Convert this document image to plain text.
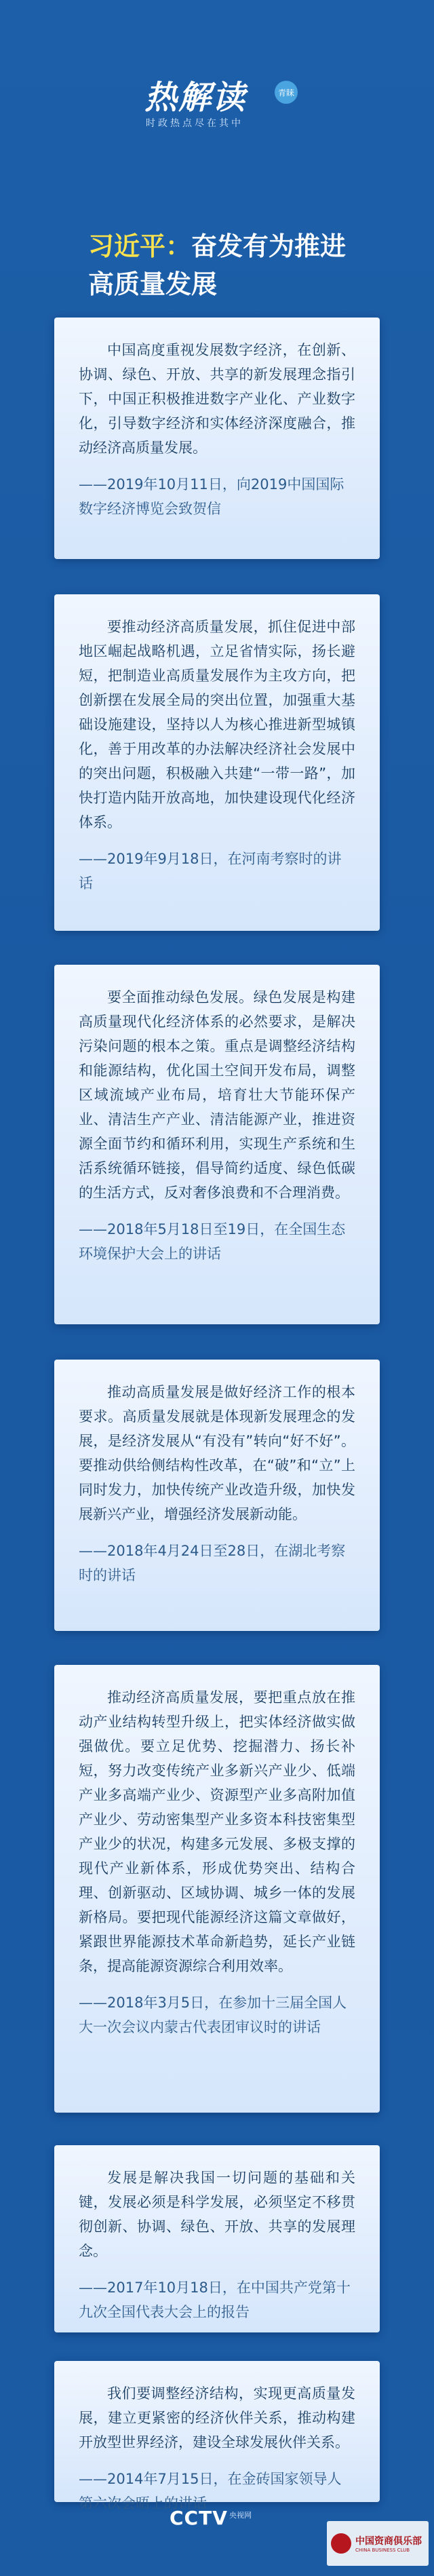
热解读	青睐
时政热点尽在其中
习近平：奋发有为推进
高质量发展

中国高度重视发展数字经济，在创新、协调、绿色、开放、共享的新发展理念指引下，中国正积极推进数字产业化、产业数字化，引导数字经济和实体经济深度融合，推动经济高质量发展。

——2019年10月11日，向2019中国国际数字经济博览会致贺信

要推动经济高质量发展，抓住促进中部地区崛起战略机遇，立足省情实际，扬长避短，把制造业高质量发展作为主攻方向，把创新摆在发展全局的突出位置，加强重大基础设施建设，坚持以人为核心推进新型城镇化，善于用改革的办法解决经济社会发展中的突出问题，积极融入共建“一带一路”，加快打造内陆开放高地，加快建设现代化经济体系。

——2019年9月18日，在河南考察时的讲话

要全面推动绿色发展。绿色发展是构建高质量现代化经济体系的必然要求，是解决污染问题的根本之策。重点是调整经济结构和能源结构，优化国土空间开发布局，调整区域流域产业布局，培育壮大节能环保产业、清洁生产产业、清洁能源产业，推进资源全面节约和循环利用，实现生产系统和生活系统循环链接，倡导简约适度、绿色低碳的生活方式，反对奢侈浪费和不合理消费。

——2018年5月18日至19日，在全国生态环境保护大会上的讲话

推动高质量发展是做好经济工作的根本要求。高质量发展就是体现新发展理念的发展，是经济发展从“有没有”转向“好不好”。要推动供给侧结构性改革，在“破”和“立”上同时发力，加快传统产业改造升级，加快发展新兴产业，增强经济发展新动能。

——2018年4月24日至28日，在湖北考察时的讲话

推动经济高质量发展，要把重点放在推动产业结构转型升级上，把实体经济做实做强做优。要立足优势、挖掘潜力、扬长补短，努力改变传统产业多新兴产业少、低端产业多高端产业少、资源型产业多高附加值产业少、劳动密集型产业多资本科技密集型产业少的状况，构建多元发展、多极支撑的现代产业新体系，形成优势突出、结构合理、创新驱动、区域协调、城乡一体的发展新格局。要把现代能源经济这篇文章做好，紧跟世界能源技术革命新趋势，延长产业链条，提高能源资源综合利用效率。

——2018年3月5日，在参加十三届全国人大一次会议内蒙古代表团审议时的讲话

发展是解决我国一切问题的基础和关键，发展必须是科学发展，必须坚定不移贯彻创新、协调、绿色、开放、共享的发展理念。

——2017年10月18日，在中国共产党第十九次全国代表大会上的报告

我们要调整经济结构，实现更高质量发展，建立更紧密的经济伙伴关系，推动构建开放型世界经济，建设全球发展伙伴关系。

——2014年7月15日，在金砖国家领导人第六次会晤上的讲话

CCTV 央视网
中国资商俱乐部
CHINA BUSINESS CLUB
